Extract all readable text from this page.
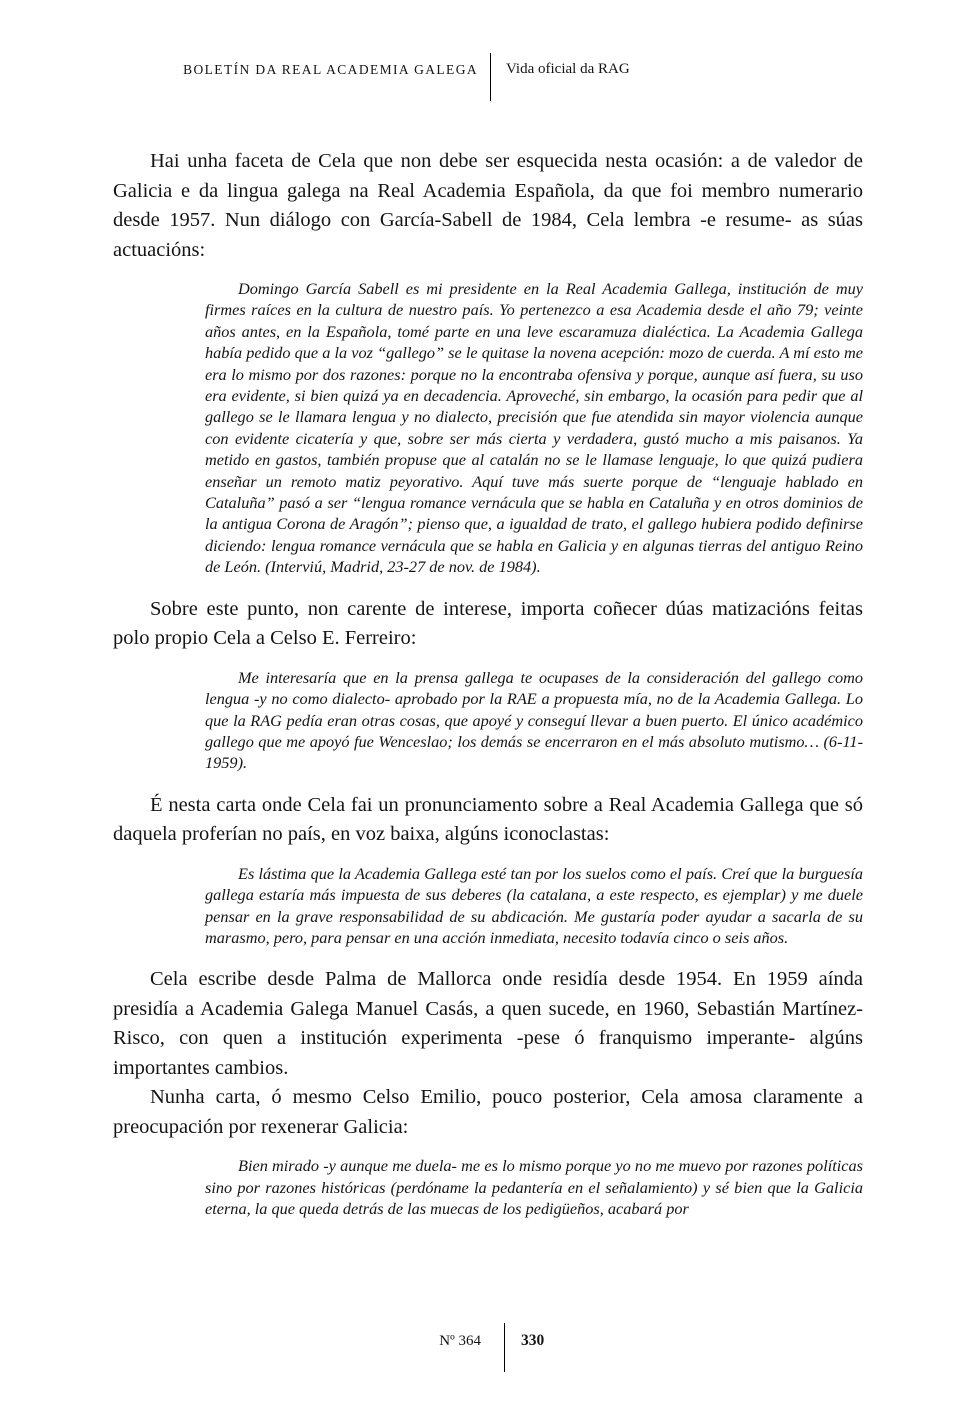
BOLETÍN DA REAL ACADEMIA GALEGA Vida oficial da RAG

Hai unha faceta de Cela que non debe ser esquecida nesta ocasión: a de valedor de Galicia e da lingua galega na Real Academia Española, da que foi membro numerario desde 1957. Nun diálogo con García-Sabell de 1984, Cela lembra -e resume- as súas actuacións:

Domingo García Sabell es mi presidente en la Real Academia Gallega, institución de muy firmes raíces en la cultura de nuestro país. Yo pertenezco a esa Academia desde el año 79; veinte años antes, en la Española, tomé parte en una leve escaramuza dialéctica. La Academia Gallega había pedido que a la voz “gallego” se le quitase la novena acepción: mozo de cuerda. A mí esto me era lo mismo por dos razones: porque no la encontraba ofensiva y porque, aunque así fuera, su uso era evidente, si bien quizá ya en decadencia. Aproveché, sin embargo, la ocasión para pedir que al gallego se le llamara lengua y no dialecto, precisión que fue atendida sin mayor violencia aunque con evidente cicatería y que, sobre ser más cierta y verdadera, gustó mucho a mis paisanos. Ya metido en gastos, también propuse que al catalán no se le llamase lenguaje, lo que quizá pudiera enseñar un remoto matiz peyorativo. Aquí tuve más suerte porque de “lenguaje hablado en Cataluña” pasó a ser “lengua romance vernácula que se habla en Cataluña y en otros dominios de la antigua Corona de Aragón”; pienso que, a igualdad de trato, el gallego hubiera podido definirse diciendo: lengua romance vernácula que se habla en Galicia y en algunas tierras del antiguo Reino de León. (Interviú, Madrid, 23-27 de nov. de 1984).

Sobre este punto, non carente de interese, importa coñecer dúas matizacións feitas polo propio Cela a Celso E. Ferreiro:

Me interesaría que en la prensa gallega te ocupases de la consideración del gallego como lengua -y no como dialecto- aprobado por la RAE a propuesta mía, no de la Academia Gallega. Lo que la RAG pedía eran otras cosas, que apoyé y conseguí llevar a buen puerto. El único académico gallego que me apoyó fue Wenceslao; los demás se encerraron en el más absoluto mutismo… (6-11-1959).

É nesta carta onde Cela fai un pronunciamento sobre a Real Academia Gallega que só daquela proferían no país, en voz baixa, algúns iconoclastas:

Es lástima que la Academia Gallega esté tan por los suelos como el país. Creí que la burguesía gallega estaría más impuesta de sus deberes (la catalana, a este respecto, es ejemplar) y me duele pensar en la grave responsabilidad de su abdicación. Me gustaría poder ayudar a sacarla de su marasmo, pero, para pensar en una acción inmediata, necesito todavía cinco o seis años.

Cela escribe desde Palma de Mallorca onde residía desde 1954. En 1959 aínda presidía a Academia Galega Manuel Casás, a quen sucede, en 1960, Sebastián Martínez-Risco, con quen a institución experimenta -pese ó franquismo imperante- algúns importantes cambios.

Nunha carta, ó mesmo Celso Emilio, pouco posterior, Cela amosa claramente a preocupación por rexenerar Galicia:

Bien mirado -y aunque me duela- me es lo mismo porque yo no me muevo por razones políticas sino por razones históricas (perdóname la pedantería en el señalamiento) y sé bien que la Galicia eterna, la que queda detrás de las muecas de los pedigüeños, acabará por
Nº 364	330
